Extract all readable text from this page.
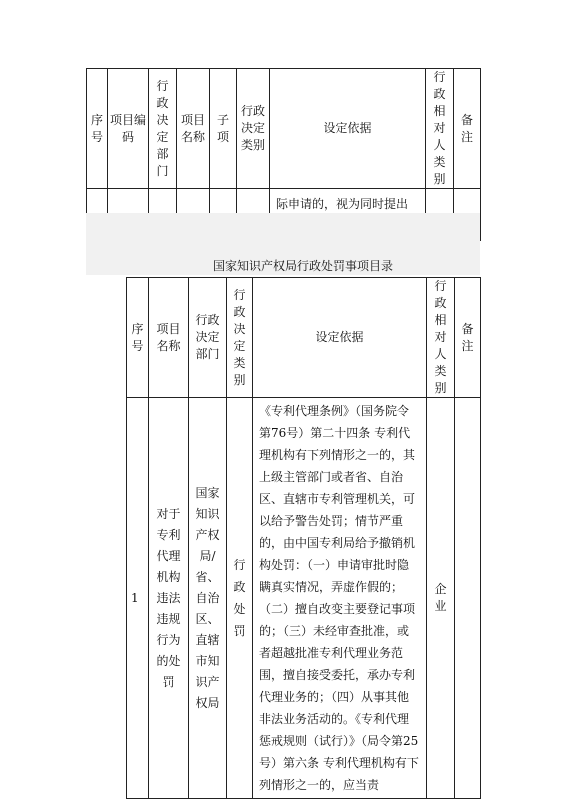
序号	项目编码	行政决定部门	项目名称	子项	行政决定类别	设定依据	行政相对人类别	备注
						际申请的，视为同时提出		
国家知识产权局行政处罚事项目录
序号	项目名称	行政决定部门	行政决定类别	设定依据	行政相对人类别	备注
1	对于专利代理机构违法违规行为的处罚	国家知识产权局/省、自治区、直辖市知识产权局	行政处罚	《专利代理条例》（国务院令第76号）第二十四条 专利代理机构有下列情形之一的，其上级主管部门或者省、自治区、直辖市专利管理机关，可以给予警告处罚；情节严重的，由中国专利局给予撤销机构处罚：（一）申请审批时隐瞒真实情况，弄虚作假的；（二）擅自改变主要登记事项的；（三）未经审查批准，或者超越批准专利代理业务范围，擅自接受委托，承办专利代理业务的；（四）从事其他非法业务活动的。《专利代理惩戒规则（试行）》（局令第25号）第六条 专利代理机构有下列情形之一的，应当责	企业	
